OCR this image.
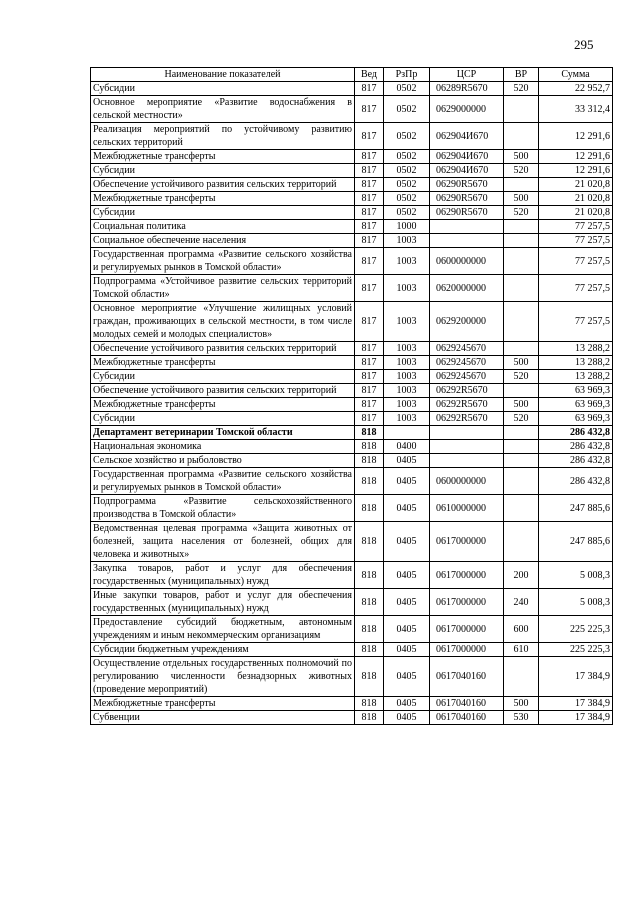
295
Наименование показателей	Вед	РзПр	ЦСР	ВР	Сумма
Субсидии	817	0502	06289R5670	520	22 952,7
Основное мероприятие «Развитие водоснабжения в сельской местности»	817	0502	0629000000		33 312,4
Реализация мероприятий по устойчивому развитию сельских территорий	817	0502	062904И670		12 291,6
Межбюджетные трансферты	817	0502	062904И670	500	12 291,6
Субсидии	817	0502	062904И670	520	12 291,6
Обеспечение устойчивого развития сельских территорий	817	0502	06290R5670		21 020,8
Межбюджетные трансферты	817	0502	06290R5670	500	21 020,8
Субсидии	817	0502	06290R5670	520	21 020,8
Социальная политика	817	1000			77 257,5
Социальное обеспечение населения	817	1003			77 257,5
Государственная программа «Развитие сельского хозяйства и регулируемых рынков в Томской области»	817	1003	0600000000		77 257,5
Подпрограмма «Устойчивое развитие сельских территорий Томской области»	817	1003	0620000000		77 257,5
Основное мероприятие «Улучшение жилищных условий граждан, проживающих в сельской местности, в том числе молодых семей и молодых специалистов»	817	1003	0629200000		77 257,5
Обеспечение устойчивого развития сельских территорий	817	1003	0629245670		13 288,2
Межбюджетные трансферты	817	1003	0629245670	500	13 288,2
Субсидии	817	1003	0629245670	520	13 288,2
Обеспечение устойчивого развития сельских территорий	817	1003	06292R5670		63 969,3
Межбюджетные трансферты	817	1003	06292R5670	500	63 969,3
Субсидии	817	1003	06292R5670	520	63 969,3
Департамент ветеринарии Томской области	818				286 432,8
Национальная экономика	818	0400			286 432,8
Сельское хозяйство и рыболовство	818	0405			286 432,8
Государственная программа «Развитие сельского хозяйства и регулируемых рынков в Томской области»	818	0405	0600000000		286 432,8
Подпрограмма «Развитие сельскохозяйственного производства в Томской области»	818	0405	0610000000		247 885,6
Ведомственная целевая программа «Защита животных от болезней, защита населения от болезней, общих для человека и животных»	818	0405	0617000000		247 885,6
Закупка товаров, работ и услуг для обеспечения государственных (муниципальных) нужд	818	0405	0617000000	200	5 008,3
Иные закупки товаров, работ и услуг для обеспечения государственных (муниципальных) нужд	818	0405	0617000000	240	5 008,3
Предоставление субсидий бюджетным, автономным учреждениям и иным некоммерческим организациям	818	0405	0617000000	600	225 225,3
Субсидии бюджетным учреждениям	818	0405	0617000000	610	225 225,3
Осуществление отдельных государственных полномочий по регулированию численности безнадзорных животных (проведение мероприятий)	818	0405	0617040160		17 384,9
Межбюджетные трансферты	818	0405	0617040160	500	17 384,9
Субвенции	818	0405	0617040160	530	17 384,9
